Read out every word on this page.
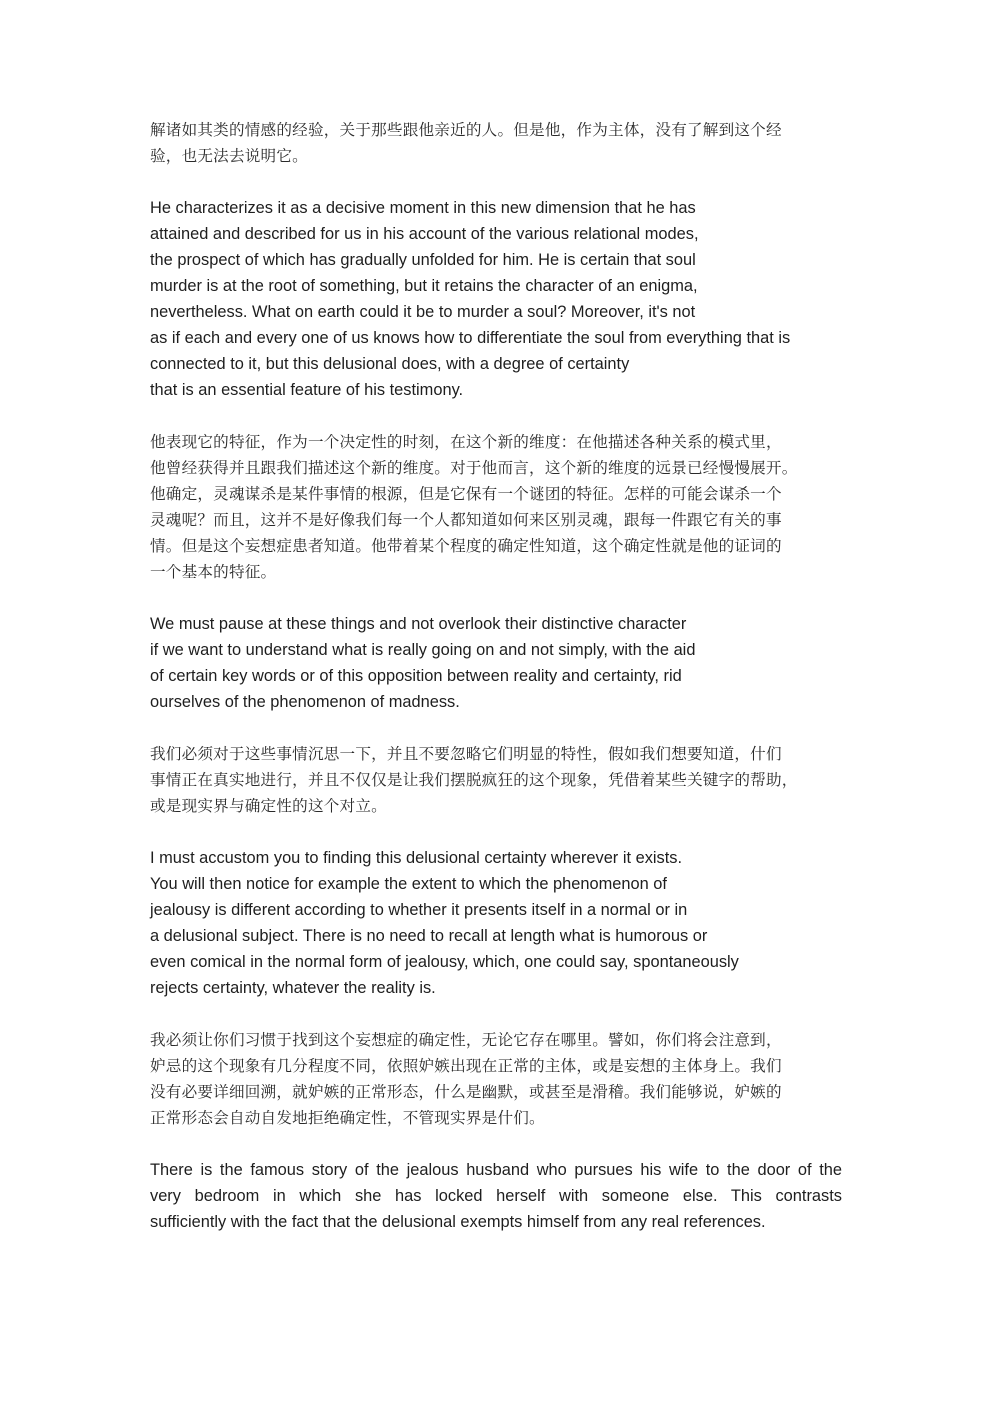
解诸如其类的情感的经验，关于那些跟他亲近的人。但是他，作为主体，没有了解到这个经
验，也无法去说明它。

He characterizes it as a decisive moment in this new dimension that he has
attained and described for us in his account of the various relational modes,
the prospect of which has gradually unfolded for him. He is certain that soul
murder is at the root of something, but it retains the character of an enigma,
nevertheless. What on earth could it be to murder a soul? Moreover, it's not
as if each and every one of us knows how to differentiate the soul from everything that is
connected to it, but this delusional does, with a degree of certainty
that is an essential feature of his testimony.

他表现它的特征，作为一个决定性的时刻，在这个新的维度：在他描述各种关系的模式里，
他曾经获得并且跟我们描述这个新的维度。对于他而言，这个新的维度的远景已经慢慢展开。
他确定，灵魂谋杀是某件事情的根源，但是它保有一个谜团的特征。怎样的可能会谋杀一个
灵魂呢？而且，这并不是好像我们每一个人都知道如何来区别灵魂，跟每一件跟它有关的事
情。但是这个妄想症患者知道。他带着某个程度的确定性知道，这个确定性就是他的证词的
一个基本的特征。

We must pause at these things and not overlook their distinctive character
if we want to understand what is really going on and not simply, with the aid
of certain key words or of this opposition between reality and certainty, rid
ourselves of the phenomenon of madness.

我们必须对于这些事情沉思一下，并且不要忽略它们明显的特性，假如我们想要知道，什们
事情正在真实地进行，并且不仅仅是让我们摆脱疯狂的这个现象，凭借着某些关键字的帮助，
或是现实界与确定性的这个对立。

I must accustom you to finding this delusional certainty wherever it exists.
You will then notice for example the extent to which the phenomenon of
jealousy is different according to whether it presents itself in a normal or in
a delusional subject. There is no need to recall at length what is humorous or
even comical in the normal form of jealousy, which, one could say, spontaneously
rejects certainty, whatever the reality is.

我必须让你们习惯于找到这个妄想症的确定性，无论它存在哪里。譬如，你们将会注意到，
妒忌的这个现象有几分程度不同，依照妒嫉出现在正常的主体，或是妄想的主体身上。我们
没有必要详细回溯，就妒嫉的正常形态，什么是幽默，或甚至是滑稽。我们能够说，妒嫉的
正常形态会自动自发地拒绝确定性，不管现实界是什们。

There is the famous story of the jealous husband who pursues his wife to the door of the
very bedroom in which she has locked herself with someone else. This contrasts
sufficiently with the fact that the delusional exempts himself from any real references.
